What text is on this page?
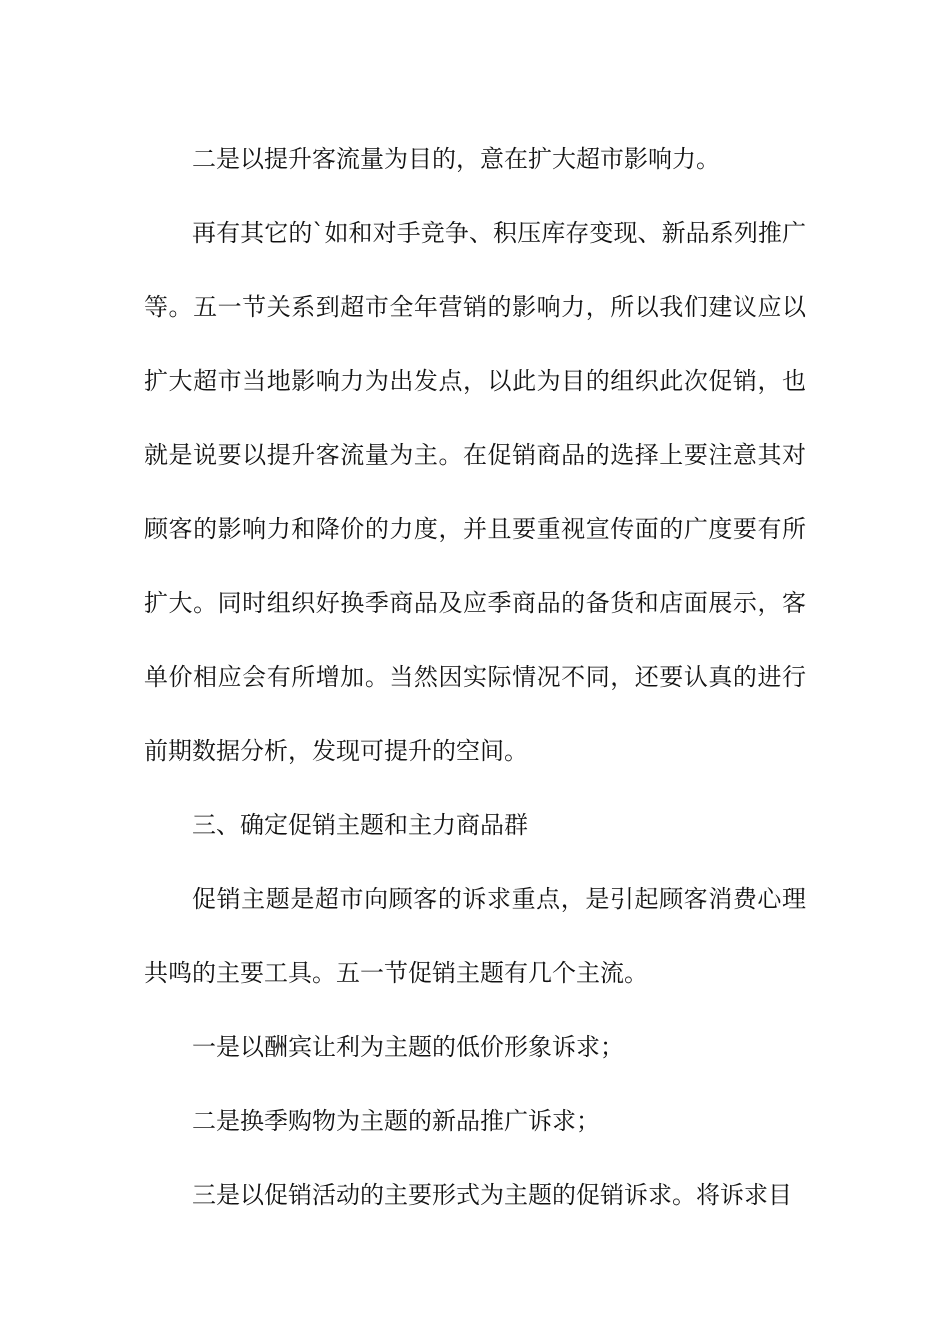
二是以提升客流量为目的，意在扩大超市影响力。

再有其它的`如和对手竞争、积压库存变现、新品系列推广等。五一节关系到超市全年营销的影响力，所以我们建议应以扩大超市当地影响力为出发点，以此为目的组织此次促销，也就是说要以提升客流量为主。在促销商品的选择上要注意其对顾客的影响力和降价的力度，并且要重视宣传面的广度要有所扩大。同时组织好换季商品及应季商品的备货和店面展示，客单价相应会有所增加。当然因实际情况不同，还要认真的进行前期数据分析，发现可提升的空间。

三、确定促销主题和主力商品群

促销主题是超市向顾客的诉求重点，是引起顾客消费心理共鸣的主要工具。五一节促销主题有几个主流。

一是以酬宾让利为主题的低价形象诉求；

二是换季购物为主题的新品推广诉求；

三是以促销活动的主要形式为主题的促销诉求。将诉求目
